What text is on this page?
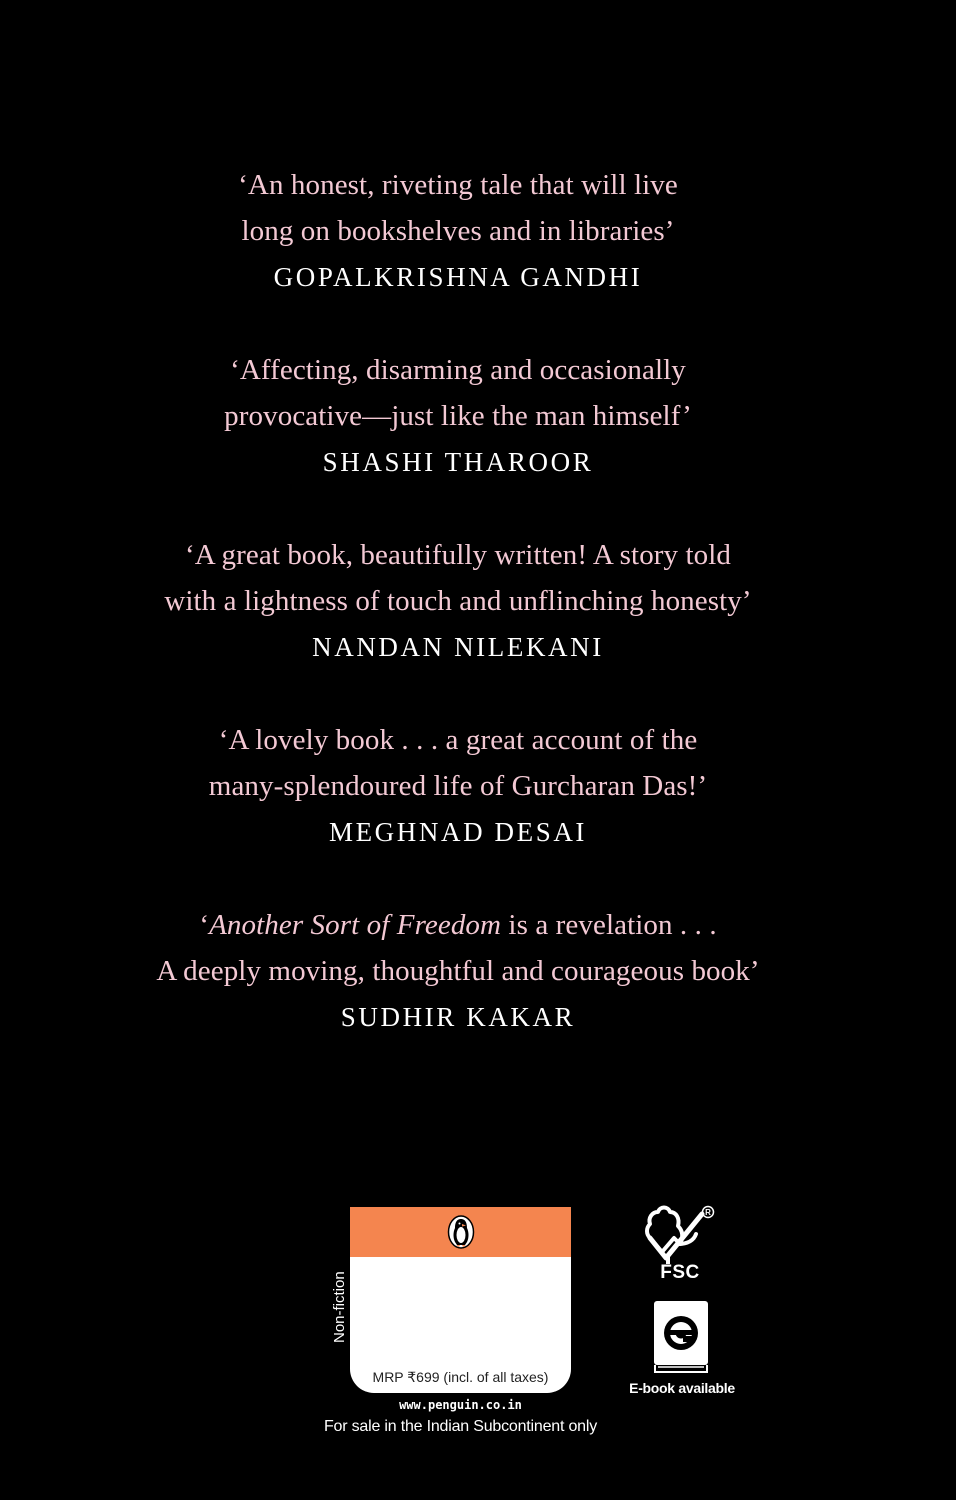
‘An honest, riveting tale that will live
long on bookshelves and in libraries’
GOPALKRISHNA GANDHI
‘Affecting, disarming and occasionally
provocative—just like the man himself’
SHASHI THAROOR
‘A great book, beautifully written! A story told
with a lightness of touch and unflinching honesty’
NANDAN NILEKANI
‘A lovely book . . . a great account of the
many-splendoured life of Gurcharan Das!’
MEGHNAD DESAI
‘Another Sort of Freedom is a revelation . . .
A deeply moving, thoughtful and courageous book’
SUDHIR KAKAR
Non-fiction
MRP ₹699 (incl. of all taxes)
www.penguin.co.in
For sale in the Indian Subcontinent only
R
FSC
E-book available
